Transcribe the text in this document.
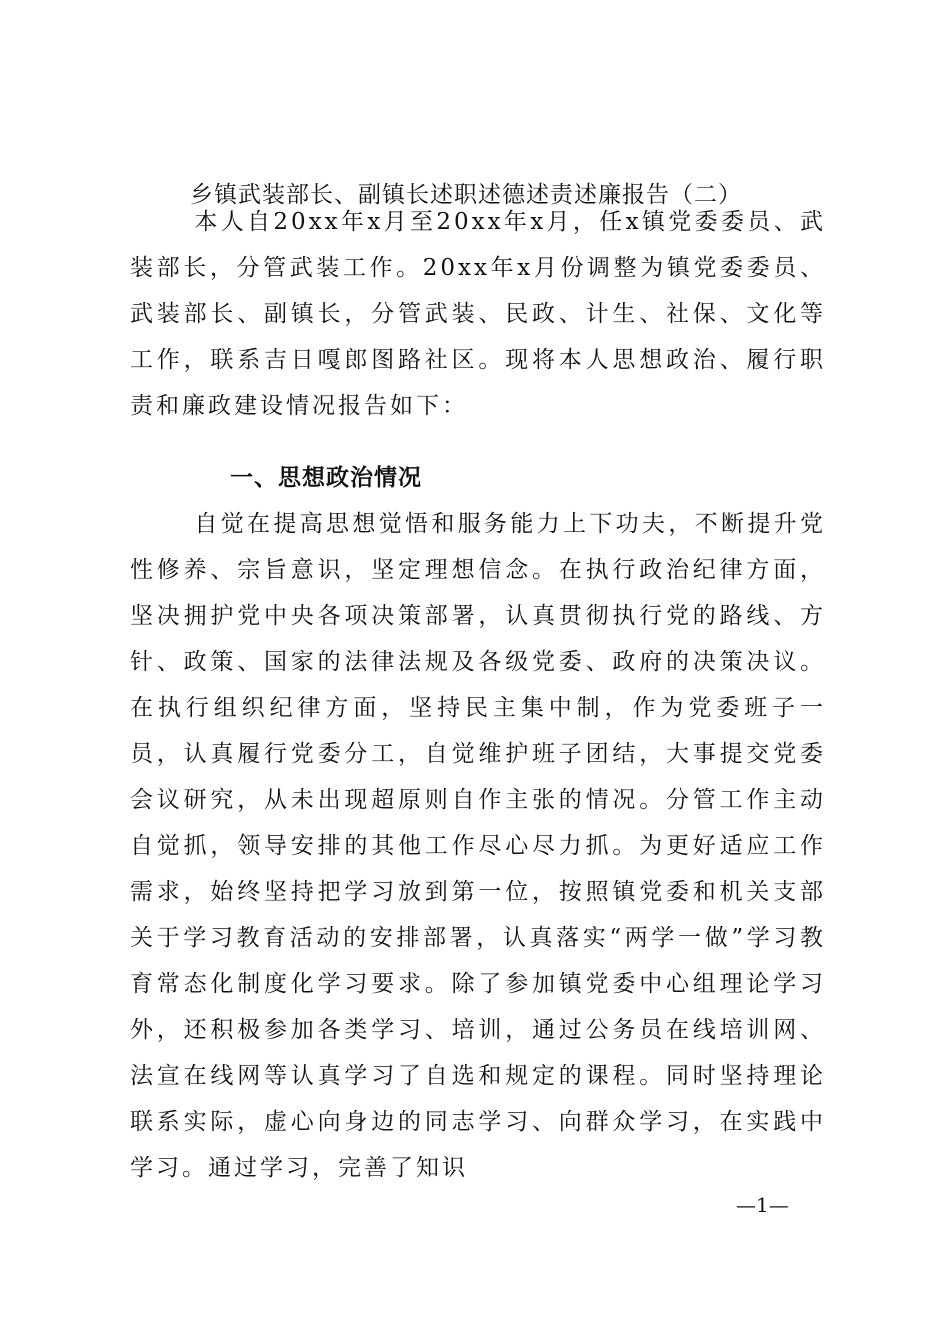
乡镇武装部长、副镇长述职述德述责述廉报告（二）
本人自20xx年x月至20xx年x月，任x镇党委委员、武装部长，分管武装工作。20xx年x月份调整为镇党委委员、武装部长、副镇长，分管武装、民政、计生、社保、文化等工作，联系吉日嘎郎图路社区。现将本人思想政治、履行职责和廉政建设情况报告如下：
一、思想政治情况
自觉在提高思想觉悟和服务能力上下功夫，不断提升党性修养、宗旨意识，坚定理想信念。在执行政治纪律方面，坚决拥护党中央各项决策部署，认真贯彻执行党的路线、方针、政策、国家的法律法规及各级党委、政府的决策决议。在执行组织纪律方面，坚持民主集中制，作为党委班子一员，认真履行党委分工，自觉维护班子团结，大事提交党委会议研究，从未出现超原则自作主张的情况。分管工作主动自觉抓，领导安排的其他工作尽心尽力抓。为更好适应工作需求，始终坚持把学习放到第一位，按照镇党委和机关支部关于学习教育活动的安排部署，认真落实“两学一做”学习教育常态化制度化学习要求。除了参加镇党委中心组理论学习外，还积极参加各类学习、培训，通过公务员在线培训网、法宣在线网等认真学习了自选和规定的课程。同时坚持理论联系实际，虚心向身边的同志学习、向群众学习，在实践中学习。通过学习，完善了知识
—1—
